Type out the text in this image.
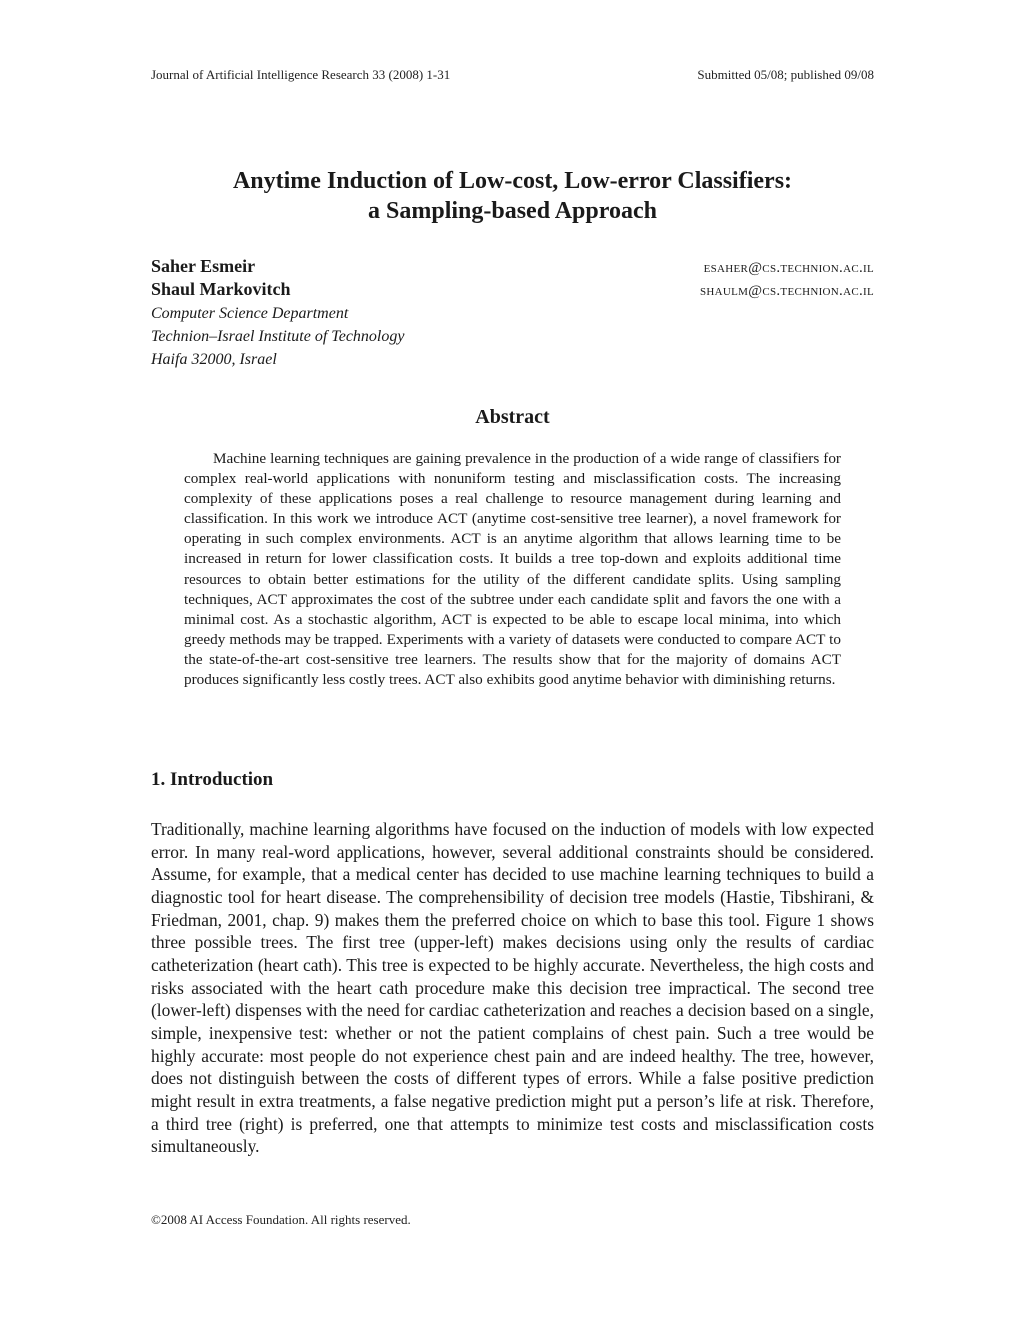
Journal of Artificial Intelligence Research 33 (2008) 1-31	Submitted 05/08; published 09/08
Anytime Induction of Low-cost, Low-error Classifiers:
a Sampling-based Approach
Saher Esmeir	esaher@cs.technion.ac.il
Shaul Markovitch	shaulm@cs.technion.ac.il
Computer Science Department
Technion–Israel Institute of Technology
Haifa 32000, Israel
Abstract
Machine learning techniques are gaining prevalence in the production of a wide range of classifiers for complex real-world applications with nonuniform testing and misclassification costs. The increasing complexity of these applications poses a real challenge to resource management during learning and classification. In this work we introduce ACT (anytime cost-sensitive tree learner), a novel framework for operating in such complex environments. ACT is an anytime algorithm that allows learning time to be increased in return for lower classification costs. It builds a tree top-down and exploits additional time resources to obtain better estimations for the utility of the different candidate splits. Using sampling techniques, ACT approximates the cost of the subtree under each candidate split and favors the one with a minimal cost. As a stochastic algorithm, ACT is expected to be able to escape local minima, into which greedy methods may be trapped. Experiments with a variety of datasets were conducted to compare ACT to the state-of-the-art cost-sensitive tree learners. The results show that for the majority of domains ACT produces significantly less costly trees. ACT also exhibits good anytime behavior with diminishing returns.
1. Introduction
Traditionally, machine learning algorithms have focused on the induction of models with low expected error. In many real-word applications, however, several additional constraints should be considered. Assume, for example, that a medical center has decided to use machine learning techniques to build a diagnostic tool for heart disease. The comprehensibility of decision tree models (Hastie, Tibshirani, & Friedman, 2001, chap. 9) makes them the preferred choice on which to base this tool. Figure 1 shows three possible trees. The first tree (upper-left) makes decisions using only the results of cardiac catheterization (heart cath). This tree is expected to be highly accurate. Nevertheless, the high costs and risks associated with the heart cath procedure make this decision tree impractical. The second tree (lower-left) dispenses with the need for cardiac catheterization and reaches a decision based on a single, simple, inexpensive test: whether or not the patient complains of chest pain. Such a tree would be highly accurate: most people do not experience chest pain and are indeed healthy. The tree, however, does not distinguish between the costs of different types of errors. While a false positive prediction might result in extra treatments, a false negative prediction might put a person’s life at risk. Therefore, a third tree (right) is preferred, one that attempts to minimize test costs and misclassification costs simultaneously.
©2008 AI Access Foundation. All rights reserved.
